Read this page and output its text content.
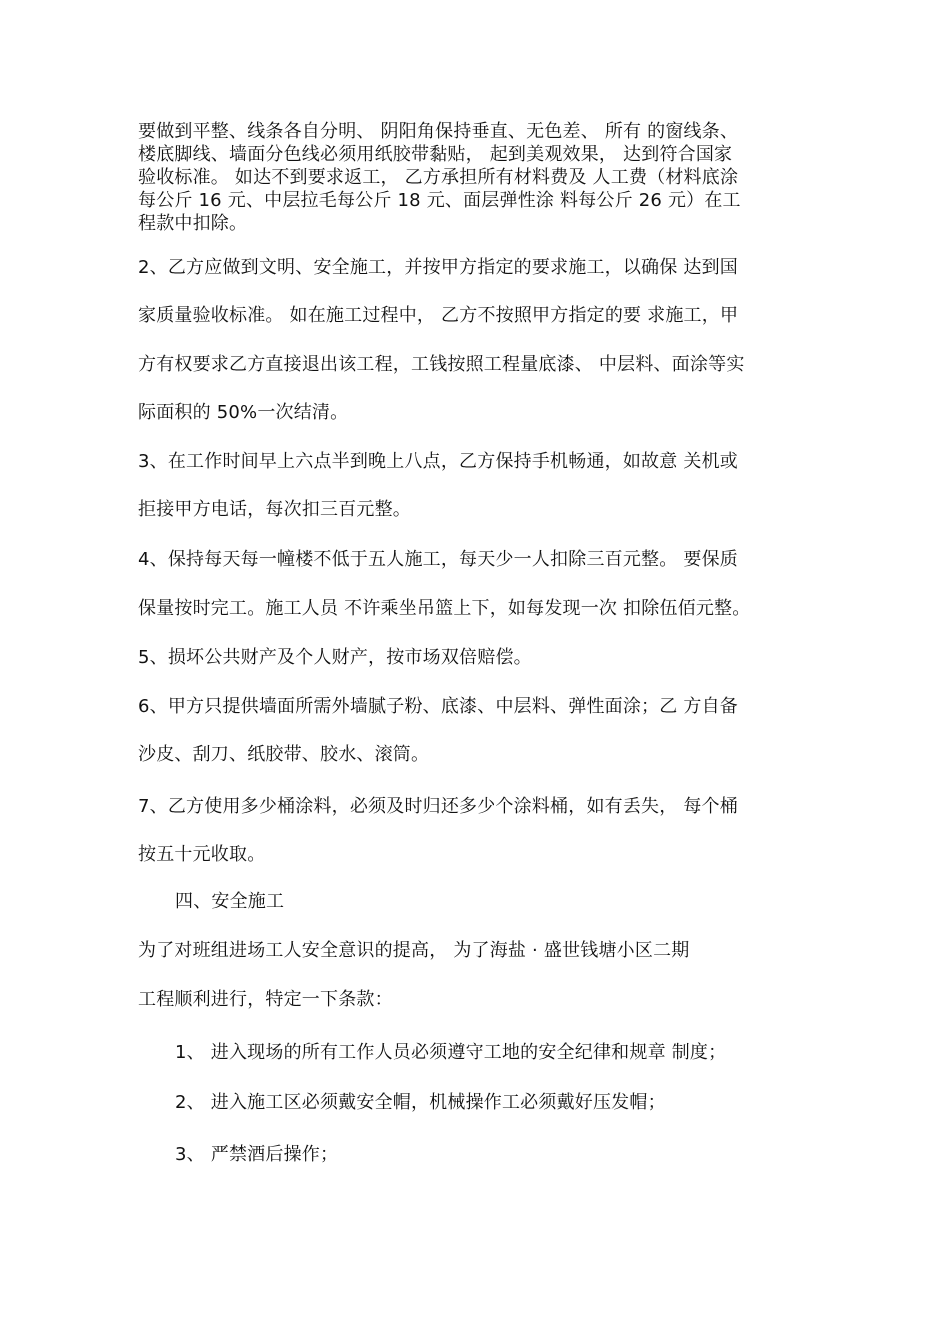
要做到平整、线条各自分明、 阴阳角保持垂直、无色差、 所有 的窗线条、
楼底脚线、墙面分色线必须用纸胶带黏贴， 起到美观效果， 达到符合国家
验收标准。 如达不到要求返工， 乙方承担所有材料费及 人工费（材料底涂
每公斤 16 元、中层拉毛每公斤 18 元、面层弹性涂 料每公斤 26 元）在工
程款中扣除。
2、乙方应做到文明、安全施工，并按甲方指定的要求施工，以确保 达到国
家质量验收标准。 如在施工过程中， 乙方不按照甲方指定的要 求施工，甲
方有权要求乙方直接退出该工程，工钱按照工程量底漆、 中层料、面涂等实
际面积的 50%一次结清。
3、在工作时间早上六点半到晚上八点，乙方保持手机畅通，如故意 关机或
拒接甲方电话，每次扣三百元整。
4、保持每天每一幢楼不低于五人施工，每天少一人扣除三百元整。 要保质
保量按时完工。施工人员 不许乘坐吊篮上下，如每发现一次 扣除伍佰元整。
5、损坏公共财产及个人财产，按市场双倍赔偿。
6、甲方只提供墙面所需外墙腻子粉、底漆、中层料、弹性面涂；乙 方自备
沙皮、刮刀、纸胶带、胶水、滚筒。
7、乙方使用多少桶涂料，必须及时归还多少个涂料桶，如有丢失， 每个桶
按五十元收取。
四、安全施工
为了对班组进场工人安全意识的提高， 为了海盐 · 盛世钱塘小区二期
工程顺利进行，特定一下条款：
1、 进入现场的所有工作人员必须遵守工地的安全纪律和规章 制度；
2、 进入施工区必须戴安全帽，机械操作工必须戴好压发帽；
3、 严禁酒后操作；
